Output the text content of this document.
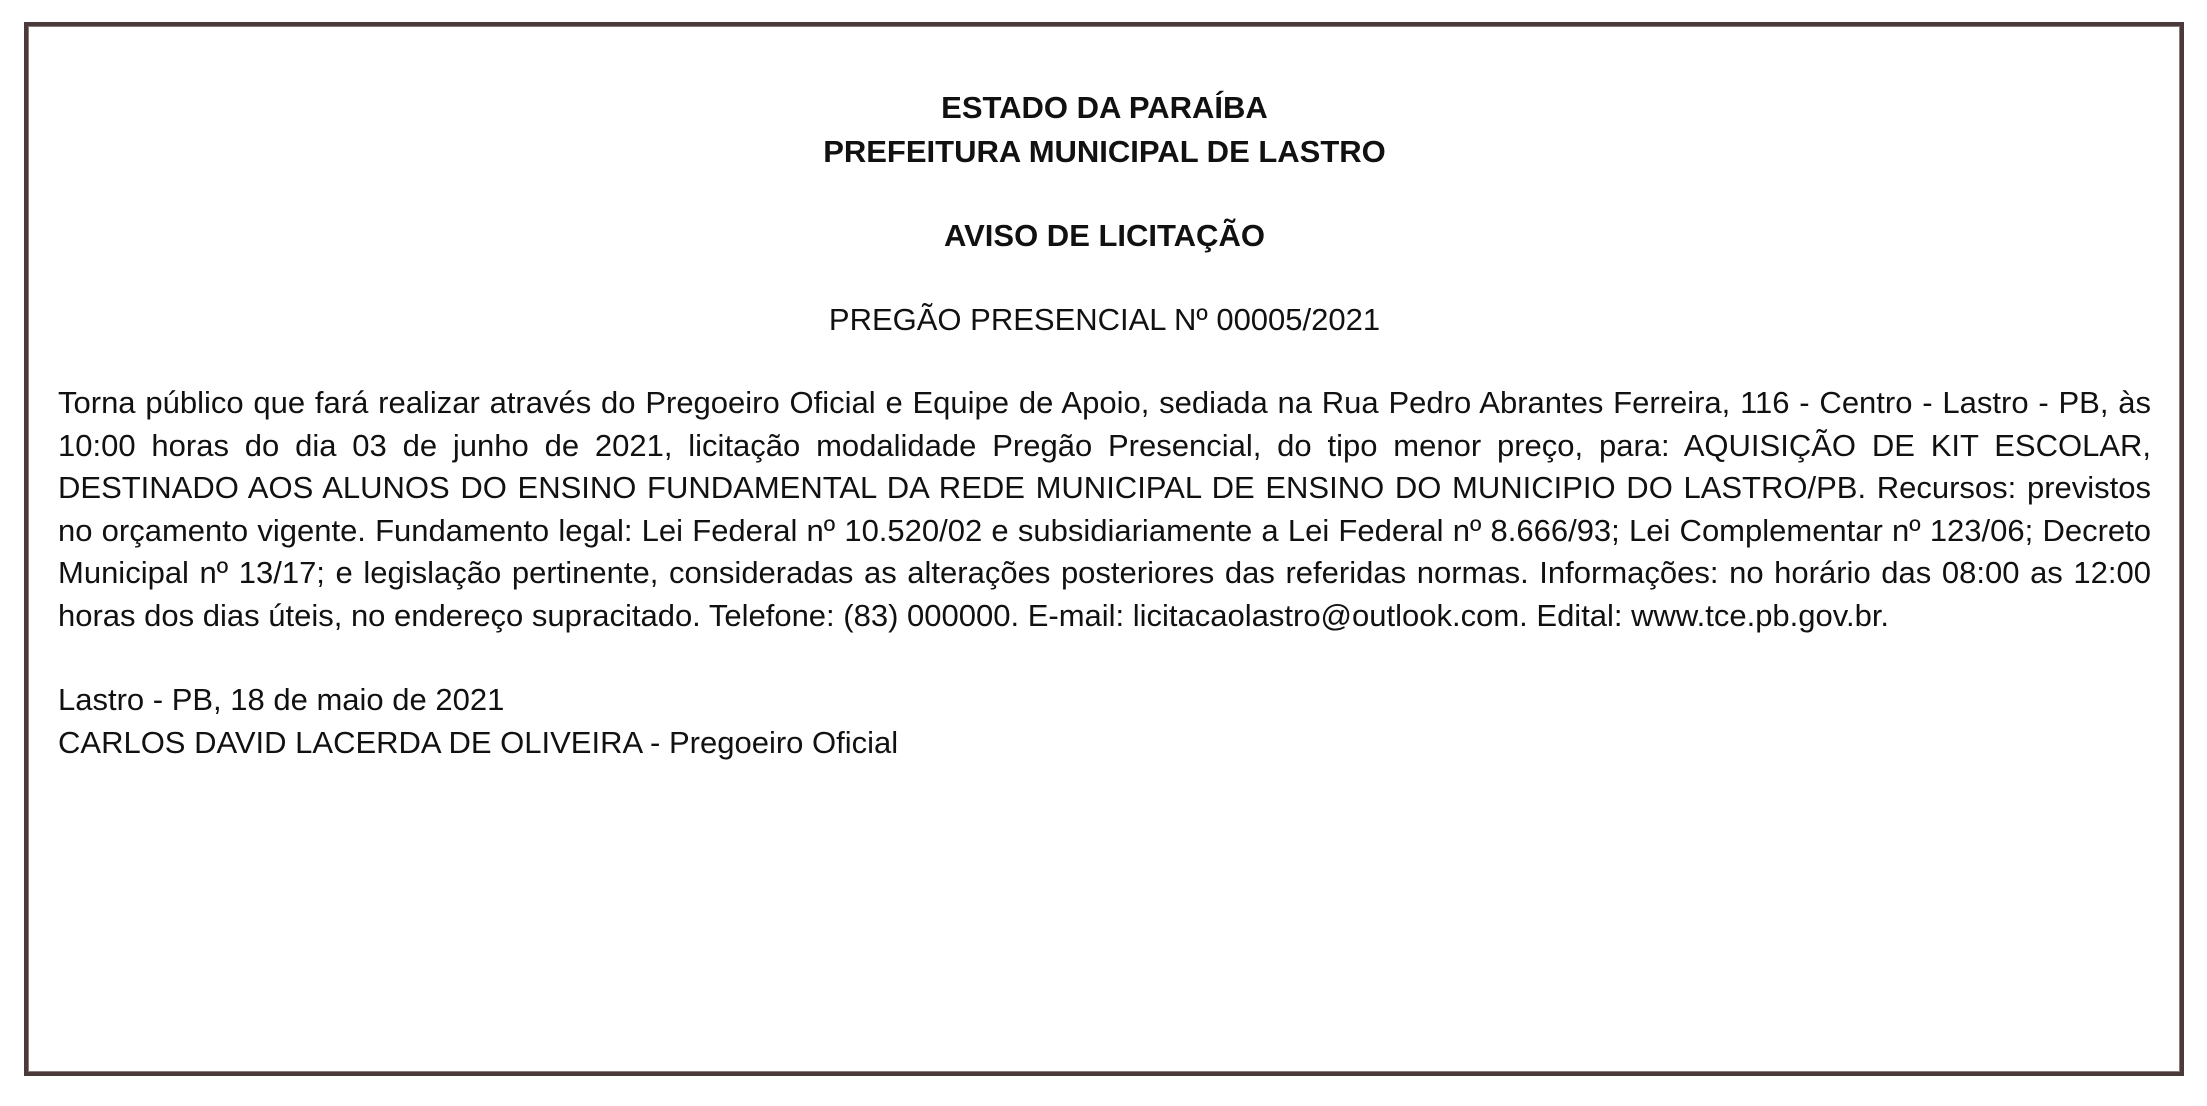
ESTADO DA PARAÍBA

PREFEITURA MUNICIPAL DE LASTRO

AVISO DE LICITAÇÃO

PREGÃO PRESENCIAL Nº 00005/2021

Torna público que fará realizar através do Pregoeiro Oficial e Equipe de Apoio, sediada na Rua Pedro Abrantes Ferreira, 116 - Centro - Lastro - PB, às 10:00 horas do dia 03 de junho de 2021, licitação modalidade Pregão Presencial, do tipo menor preço, para: AQUISIÇÃO DE KIT ESCOLAR, DESTINADO AOS ALUNOS DO ENSINO FUNDAMENTAL DA REDE MUNICIPAL DE ENSINO DO MUNICIPIO DO LASTRO/PB. Recursos: previstos no orçamento vigente. Fundamento legal: Lei Federal nº 10.520/02 e subsidiariamente a Lei Federal nº 8.666/93; Lei Complementar nº 123/06; Decreto Municipal nº 13/17; e legislação pertinente, consideradas as alterações posteriores das referidas normas. Informações: no horário das 08:00 as 12:00 horas dos dias úteis, no endereço supracitado. Telefone: (83) 000000. E-mail: licitacaolastro@outlook.com. Edital: www.tce.pb.gov.br.

Lastro - PB, 18 de maio de 2021

CARLOS DAVID LACERDA DE OLIVEIRA - Pregoeiro Oficial
